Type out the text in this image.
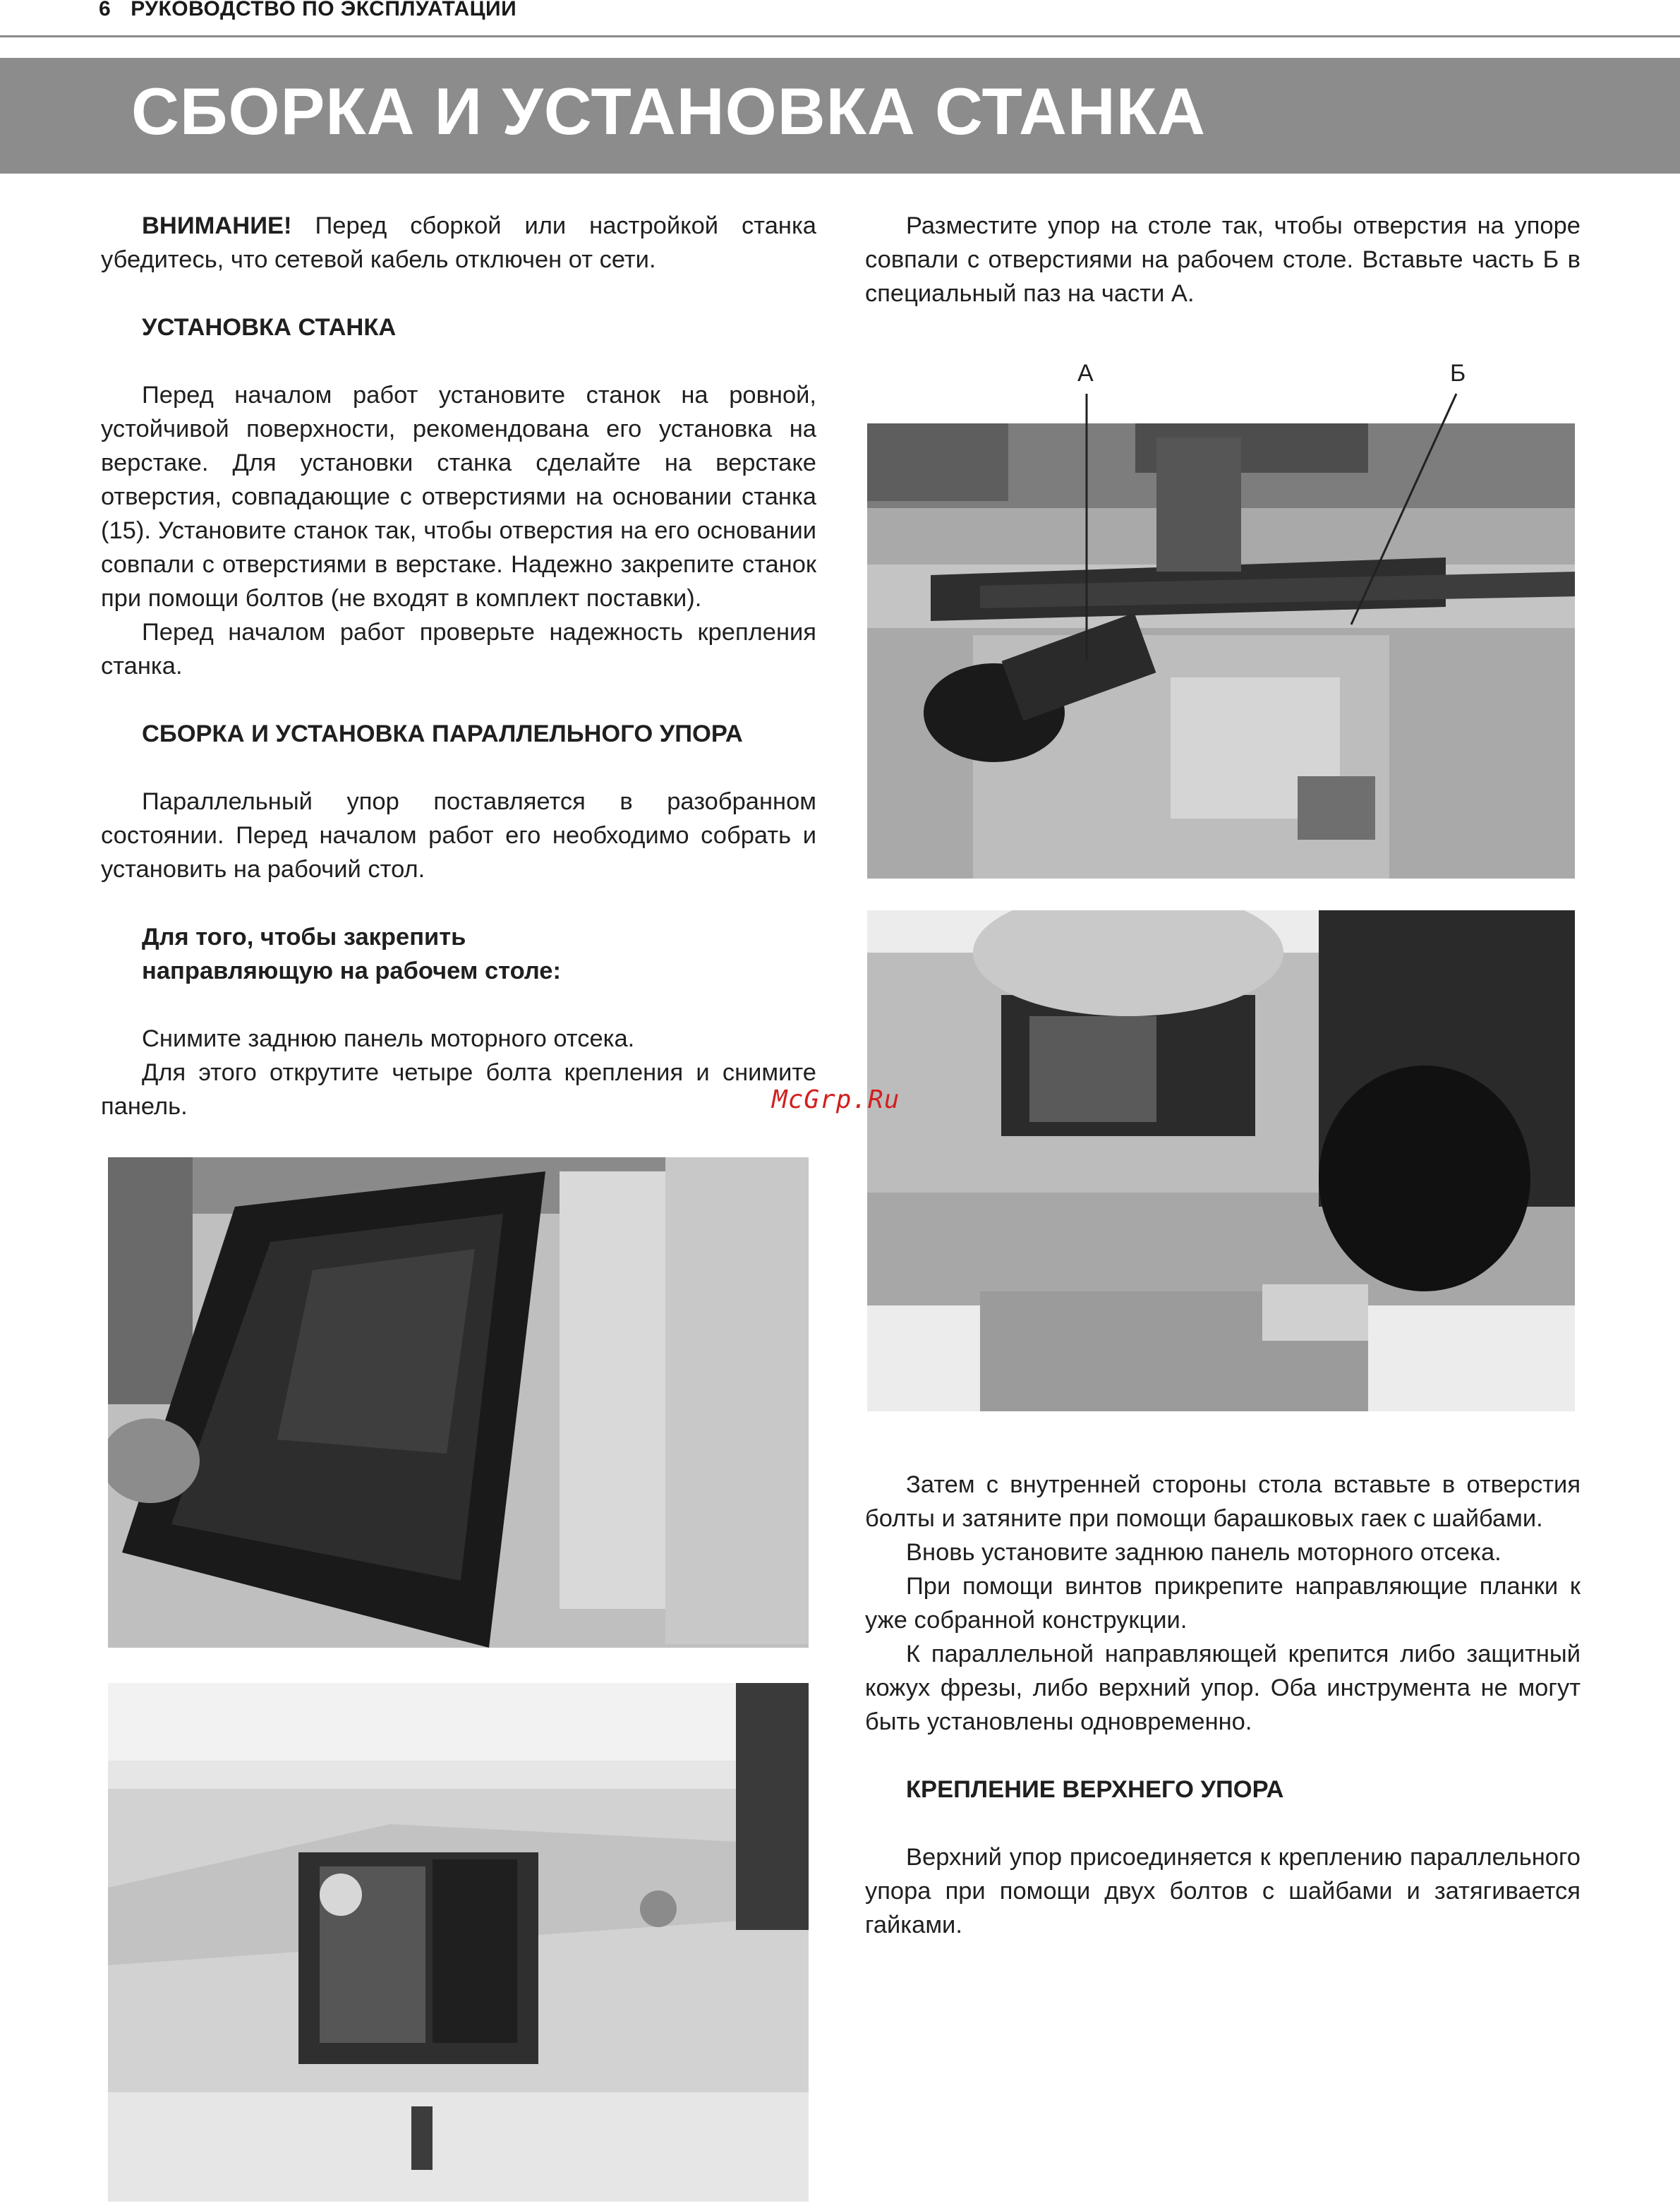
6 РУКОВОДСТВО ПО ЭКСПЛУАТАЦИИ
СБОРКА И УСТАНОВКА СТАНКА

ВНИМАНИЕ! Перед сборкой или настройкой станка убедитесь, что сетевой кабель отключен от сети.

УСТАНОВКА СТАНКА

Перед началом работ установите станок на ровной, устойчивой поверхности, рекомендована его установка на верстаке. Для установки станка сделайте на верстаке отверстия, совпадающие с отверстиями на основании станка (15). Установите станок так, чтобы отверстия на его основании совпали с отверстиями в верстаке. Надежно закрепите станок при помощи болтов (не входят в комплект поставки).

Перед началом работ проверьте надежность крепления станка.

СБОРКА И УСТАНОВКА ПАРАЛЛЕЛЬНОГО УПОРА

Параллельный упор поставляется в разобранном состоянии. Перед началом работ его необходимо собрать и установить на рабочий стол.

Для того, чтобы закрепить
направляющую на рабочем столе:

Снимите заднюю панель моторного отсека.

Для этого открутите четыре болта крепления и снимите панель.

Разместите упор на столе так, чтобы отверстия на упоре совпали с отверстиями на рабочем столе. Вставьте часть Б в специальный паз на части А.

А	Б

Затем с внутренней стороны стола вставьте в отверстия болты и затяните при помощи барашковых гаек с шайбами.

Вновь установите заднюю панель моторного отсека.

При помощи винтов прикрепите направляющие планки к уже собранной конструкции.

К параллельной направляющей крепится либо защитный кожух фрезы, либо верхний упор. Оба инструмента не могут быть установлены одновременно.

КРЕПЛЕНИЕ ВЕРХНЕГО УПОРА

Верхний упор присоединяется к креплению параллельного упора при помощи двух болтов с шайбами и затягивается гайками.

McGrp.Ru
